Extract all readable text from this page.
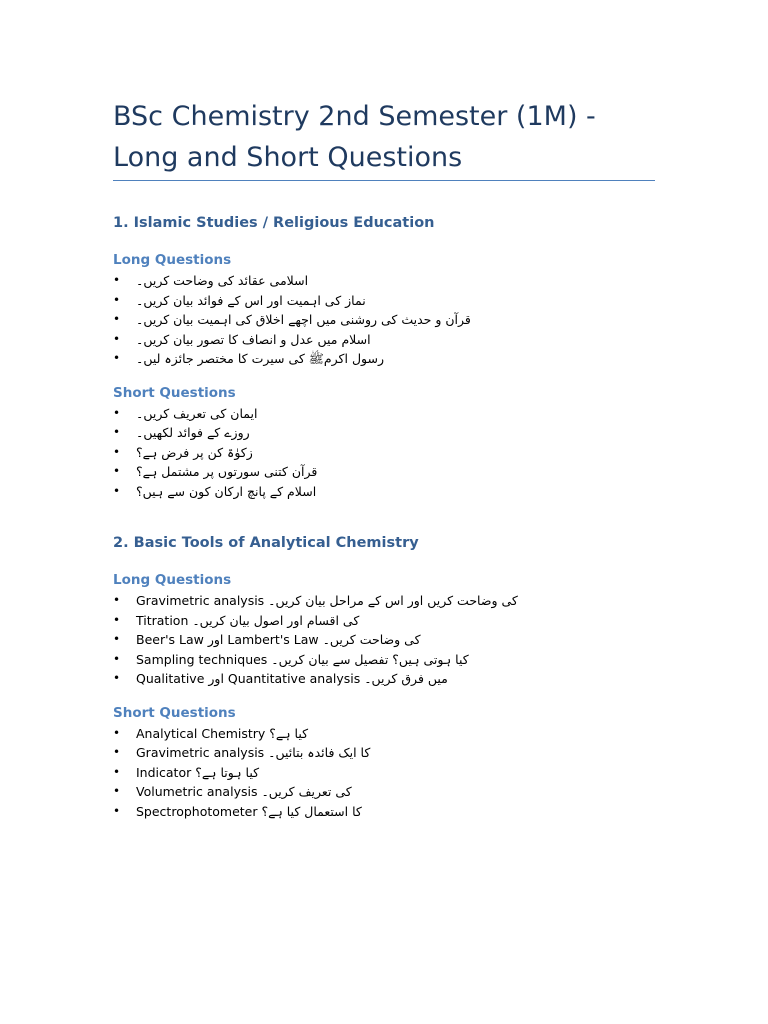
BSc Chemistry 2nd Semester (1M) - Long and Short Questions
1. Islamic Studies / Religious Education
Long Questions
• اسلامی عقائد کی وضاحت کریں۔
• نماز کی اہمیت اور اس کے فوائد بیان کریں۔
• قرآن و حدیث کی روشنی میں اچھے اخلاق کی اہمیت بیان کریں۔
• اسلام میں عدل و انصاف کا تصور بیان کریں۔
• رسول اکرمﷺ کی سیرت کا مختصر جائزہ لیں۔
Short Questions
• ایمان کی تعریف کریں۔
• روزے کے فوائد لکھیں۔
• زکوٰۃ کن پر فرض ہے؟
• قرآن کتنی سورتوں پر مشتمل ہے؟
• اسلام کے پانچ ارکان کون سے ہیں؟
2. Basic Tools of Analytical Chemistry
Long Questions
• Gravimetric analysis کی وضاحت کریں اور اس کے مراحل بیان کریں۔
• Titration کی اقسام اور اصول بیان کریں۔
• Beer's Law اور Lambert's Law کی وضاحت کریں۔
• Sampling techniques کیا ہوتی ہیں؟ تفصیل سے بیان کریں۔
• Qualitative اور Quantitative analysis میں فرق کریں۔
Short Questions
• Analytical Chemistry کیا ہے؟
• Gravimetric analysis کا ایک فائدہ بتائیں۔
• Indicator کیا ہوتا ہے؟
• Volumetric analysis کی تعریف کریں۔
• Spectrophotometer کا استعمال کیا ہے؟
